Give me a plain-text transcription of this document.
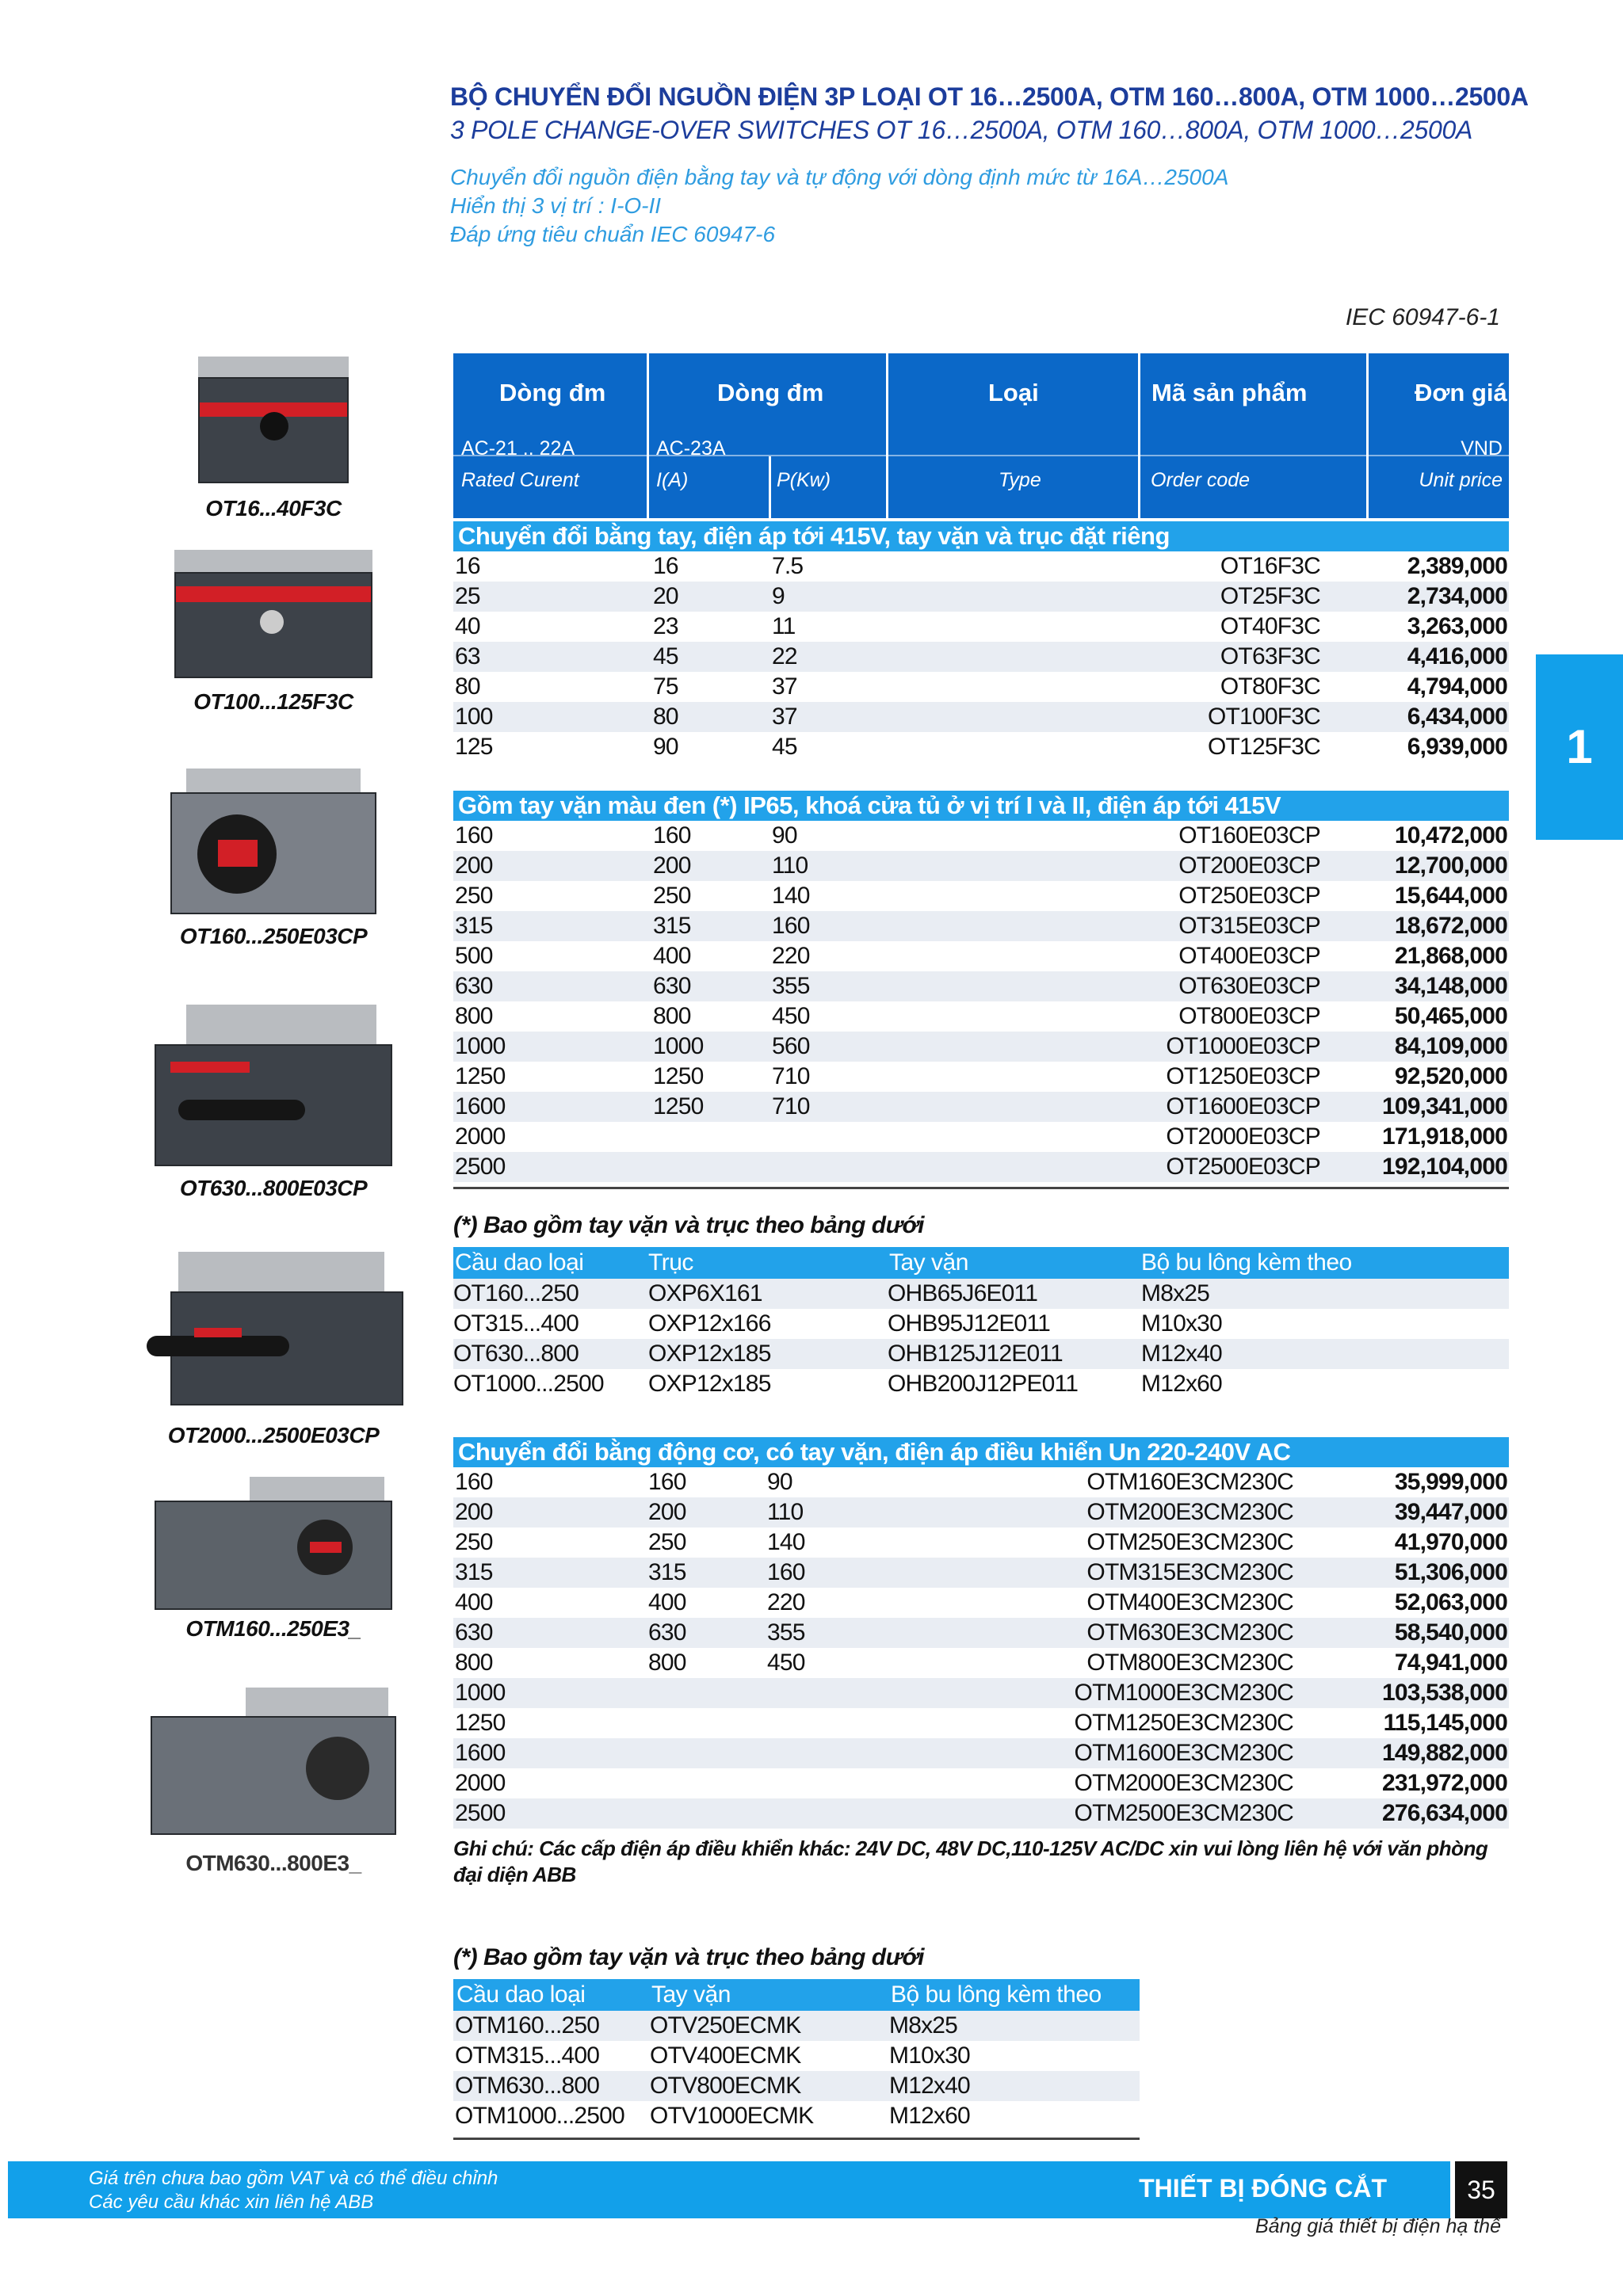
BỘ CHUYỂN ĐỔI NGUỒN ĐIỆN 3P LOẠI OT 16…2500A, OTM 160…800A, OTM 1000…2500A
3 POLE CHANGE-OVER SWITCHES OT 16…2500A, OTM 160…800A, OTM 1000…2500A
Chuyển đổi nguồn điện bằng tay và tự động với dòng định mức từ 16A…2500A
Hiển thị 3 vị trí : I-O-II
Đáp ứng tiêu chuẩn IEC 60947-6
IEC 60947-6-1
OT16...40F3C
OT100...125F3C
OT160...250E03CP
OT630...800E03CP
OT2000...2500E03CP
OTM160...250E3_
OTM630...800E3_
Dòng đm	Dòng đm	Loại	Mã sản phẩm	Đơn giá
AC-21 .. 22A	AC-23A	VND
Rated Curent	I(A)	P(Kw)	Type	Order code	Unit price
Chuyển đổi bằng tay, điện áp tới 415V, tay vặn và trục đặt riêng
16	16	7.5	OT16F3C	2,389,000
25	20	9	OT25F3C	2,734,000
40	23	11	OT40F3C	3,263,000
63	45	22	OT63F3C	4,416,000
80	75	37	OT80F3C	4,794,000
100	80	37	OT100F3C	6,434,000
125	90	45	OT125F3C	6,939,000
Gồm tay vặn màu đen (*) IP65, khoá cửa tủ ở vị trí I và II, điện áp tới 415V
160	160	90	OT160E03CP	10,472,000
200	200	110	OT200E03CP	12,700,000
250	250	140	OT250E03CP	15,644,000
315	315	160	OT315E03CP	18,672,000
500	400	220	OT400E03CP	21,868,000
630	630	355	OT630E03CP	34,148,000
800	800	450	OT800E03CP	50,465,000
1000	1000	560	OT1000E03CP	84,109,000
1250	1250	710	OT1250E03CP	92,520,000
1600	1250	710	OT1600E03CP	109,341,000
2000	OT2000E03CP	171,918,000
2500	OT2500E03CP	192,104,000
(*) Bao gồm tay vặn và trục theo bảng dưới
Cầu dao loại	Trục	Tay vặn	Bộ bu lông kèm theo
OT160...250	OXP6X161	OHB65J6E011	M8x25
OT315...400	OXP12x166	OHB95J12E011	M10x30
OT630...800	OXP12x185	OHB125J12E011	M12x40
OT1000...2500 OXP12x185	OHB200J12PE011	M12x60
Chuyển đổi bằng động cơ, có tay vặn, điện áp điều khiển Un 220-240V AC
160	160	90	OTM160E3CM230C	35,999,000
200	200	110	OTM200E3CM230C	39,447,000
250	250	140	OTM250E3CM230C	41,970,000
315	315	160	OTM315E3CM230C	51,306,000
400	400	220	OTM400E3CM230C	52,063,000
630	630	355	OTM630E3CM230C	58,540,000
800	800	450	OTM800E3CM230C	74,941,000
1000	OTM1000E3CM230C	103,538,000
1250	OTM1250E3CM230C	115,145,000
1600	OTM1600E3CM230C	149,882,000
2000	OTM2000E3CM230C	231,972,000
2500	OTM2500E3CM230C	276,634,000
Ghi chú: Các cấp điện áp điều khiển khác: 24V DC, 48V DC,110-125V AC/DC xin vui lòng liên hệ với văn phòng
đại diện ABB
(*) Bao gồm tay vặn và trục theo bảng dưới
Cầu dao loại	Tay vặn	Bộ bu lông kèm theo
OTM160...250 OTV250ECMK	M8x25
OTM315...400 OTV400ECMK	M10x30
OTM630...800 OTV800ECMK	M12x40
OTM1000...2500 OTV1000ECMK	M12x60
1
Giá trên chưa bao gồm VAT và có thể điều chỉnh
Các yêu cầu khác xin liên hệ ABB	THIẾT BỊ ĐÓNG CẮT	35
Bảng giá thiết bị điện hạ thế
